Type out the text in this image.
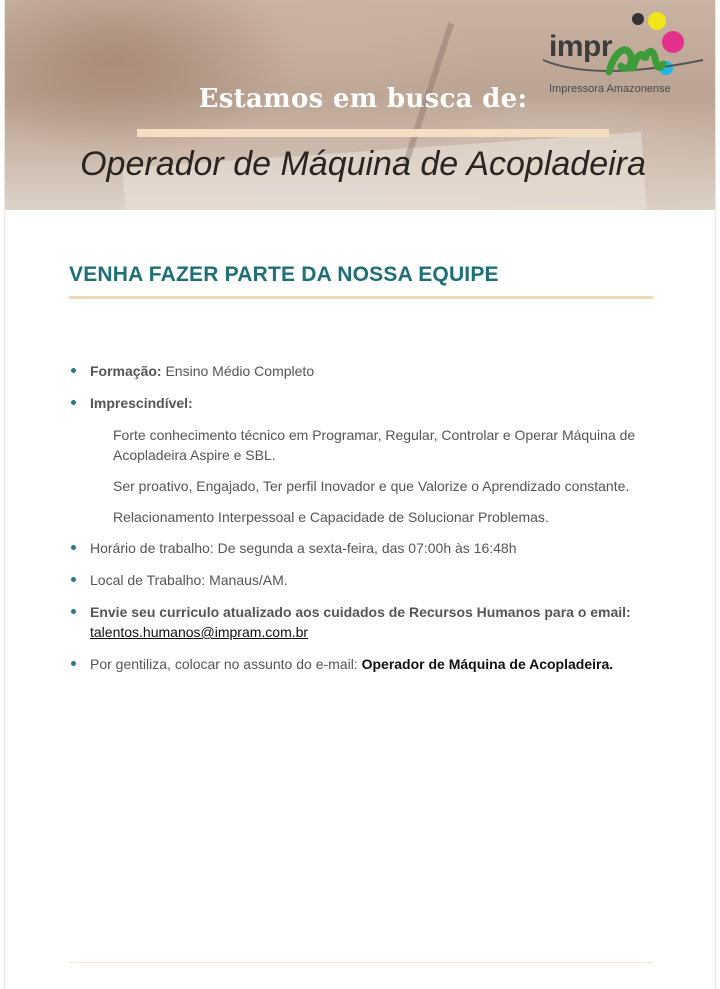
impr
Impressora Amazonense
Estamos em busca de:
Operador de Máquina de Acopladeira
VENHA FAZER PARTE DA NOSSA EQUIPE
Formação: Ensino Médio Completo
Imprescindível:
Forte conhecimento técnico em Programar, Regular, Controlar e Operar Máquina de Acopladeira Aspire e SBL.
Ser proativo, Engajado, Ter perfil Inovador e que Valorize o Aprendizado constante.
Relacionamento Interpessoal e Capacidade de Solucionar Problemas.
Horário de trabalho: De segunda a sexta-feira, das 07:00h às 16:48h
Local de Trabalho: Manaus/AM.
Envie seu curriculo atualizado aos cuidados de Recursos Humanos para o email:
talentos.humanos@impram.com.br
Por gentiliza, colocar no assunto do e-mail: Operador de Máquina de Acopladeira.
